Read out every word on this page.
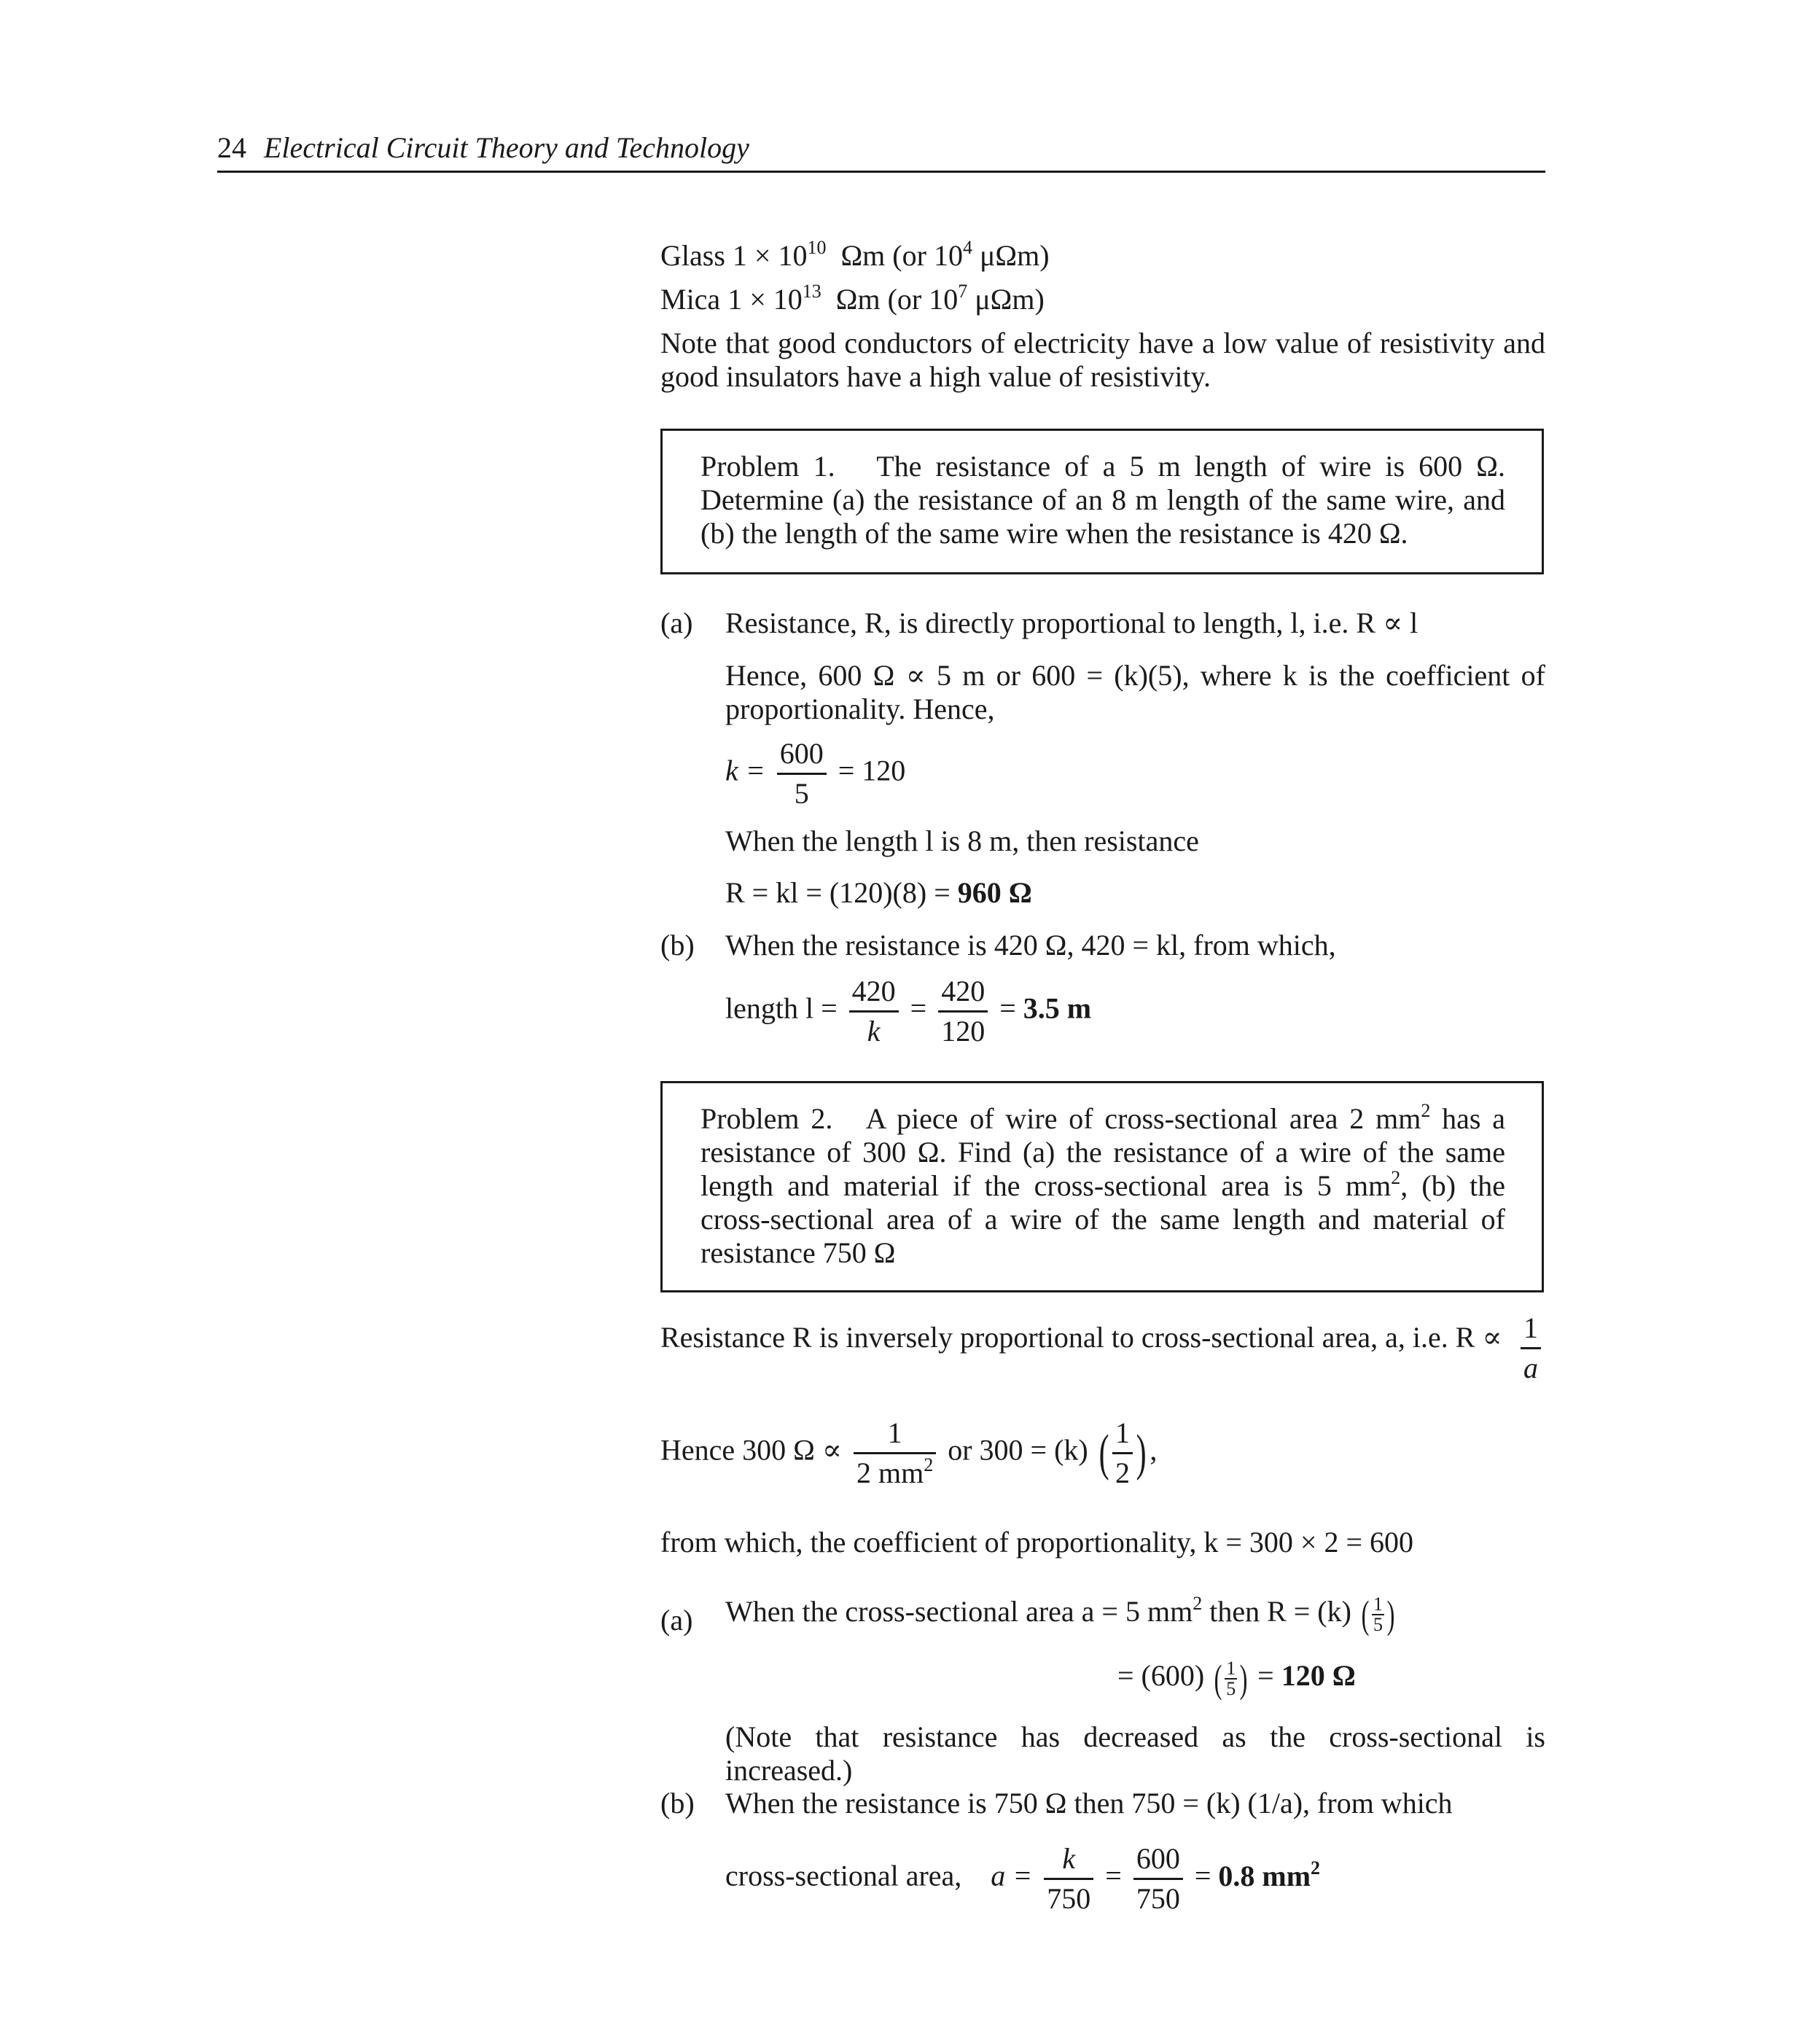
24 Electrical Circuit Theory and Technology
Glass $1 \times 10^{10}$ Ωm (or $10^4$ μΩm)
Mica $1 \times 10^{13}$ Ωm (or $10^7$ μΩm)
Note that good conductors of electricity have a low value of resistivity and good insulators have a high value of resistivity.
Problem 1. The resistance of a 5 m length of wire is 600 Ω. Determine (a) the resistance of an 8 m length of the same wire, and (b) the length of the same wire when the resistance is 420 Ω.
(a) Resistance, R, is directly proportional to length, l, i.e. R ∝ l
Hence, 600 Ω ∝ 5 m or 600 = (k)(5), where k is the coefficient of proportionality. Hence,
$k = \frac{600}{5} = 120$
When the length l is 8 m, then resistance
R = kl = (120)(8) = 960 Ω
(b) When the resistance is 420 Ω, 420 = kl, from which,
length $l = \frac{420}{k} = \frac{420}{120} = 3.5$ m
Problem 2. A piece of wire of cross-sectional area 2 $mm^2$ has a resistance of 300 Ω. Find (a) the resistance of a wire of the same length and material if the cross-sectional area is 5 $mm^2$, (b) the cross-sectional area of a wire of the same length and material of resistance 750 Ω
Resistance R is inversely proportional to cross-sectional area, a, i.e. $R \propto \frac{1}{a}$
Hence 300 $\Omega \propto \frac{1}{2 mm^2}$ or 300 = (k) ( $\frac{1}{2}$ ) ,
from which, the coefficient of proportionality, k = 300 × 2 = 600
(a) When the cross-sectional area a = 5 $mm^2$ then R = (k) ( $\frac{1}{5}$ )
= (600) ( $\frac{1}{5}$ ) = 120 Ω
(Note that resistance has decreased as the cross-sectional is increased.)
(b) When the resistance is 750 Ω then 750 = (k) (1/a), from which
cross-sectional area, $a = \frac{k}{750} = \frac{600}{750} = 0.8$ $mm^2$
